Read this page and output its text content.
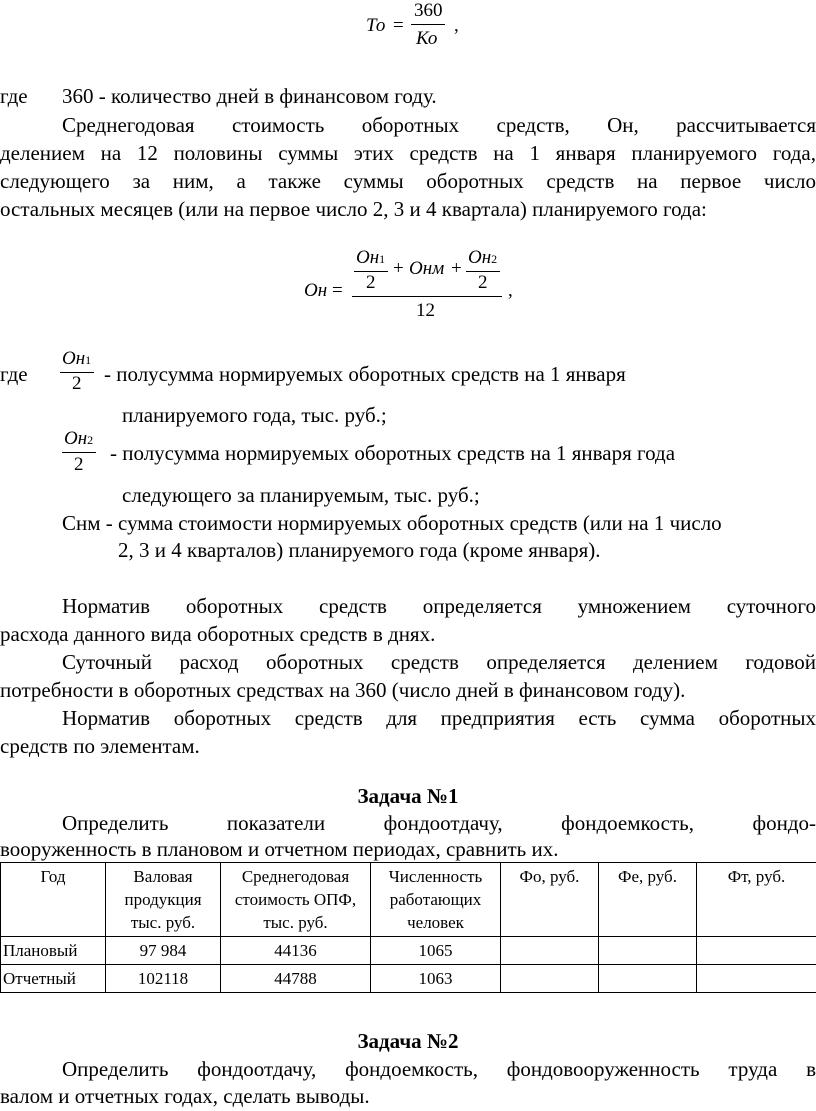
То =
360
Ко
,
где 360 - количество дней в финансовом году.
Среднегодовая стоимость оборотных средств, Он, рассчитывается
делением на 12 половины суммы этих средств на 1 января планируемого года,
следующего за ним, а также суммы оборотных средств на первое число
остальных месяцев (или на первое число 2, 3 и 4 квартала) планируемого года:
Он =
Он1
2
+ Онм +
Он2
2
12
,
где
Он1
2 - полусумма нормируемых оборотных средств на 1 января
планируемого года, тыс. руб.;
Он2
2 - полусумма нормируемых оборотных средств на 1 января года
следующего за планируемым, тыс. руб.;
Снм - сумма стоимости нормируемых оборотных средств (или на 1 число
2, 3 и 4 кварталов) планируемого года (кроме января).
Норматив оборотных средств определяется умножением суточного
расхода данного вида оборотных средств в днях.
Суточный расход оборотных средств определяется делением годовой
потребности в оборотных средствах на 360 (число дней в финансовом году).
Норматив оборотных средств для предприятия есть сумма оборотных
средств по элементам.
Задача №1
Определить показатели фондоотдачу, фондоемкость, фондо-
вооруженность в плановом и отчетном периодах, сравнить их.
Год	Валовая продукция тыс. руб.	Среднегодовая стоимость ОПФ, тыс. руб.	Численность работающих человек	Фо, руб.	Фе, руб.	Фт, руб.
Плановый	97 984	44136	1065			
Отчетный	102118	44788	1063			
Задача №2
Определить фондоотдачу, фондоемкость, фондовооруженность труда в
валом и отчетных годах, сделать выводы.
